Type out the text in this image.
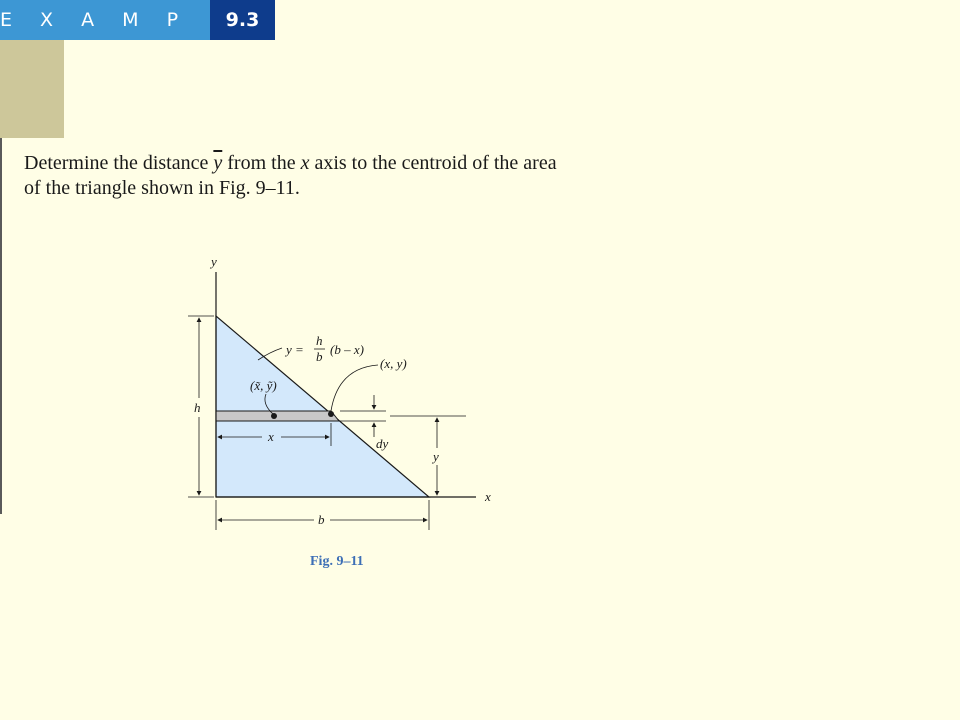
E X A M P	9.3
Determine the distance $\overline{y}$ from the x axis to the centroid of the area
of the triangle shown in Fig. 9–11.
y
x
h
y =
h
b (b – x)
(x, y)
(x̃, ỹ)
x	dy
y
b
Fig. 9–11
